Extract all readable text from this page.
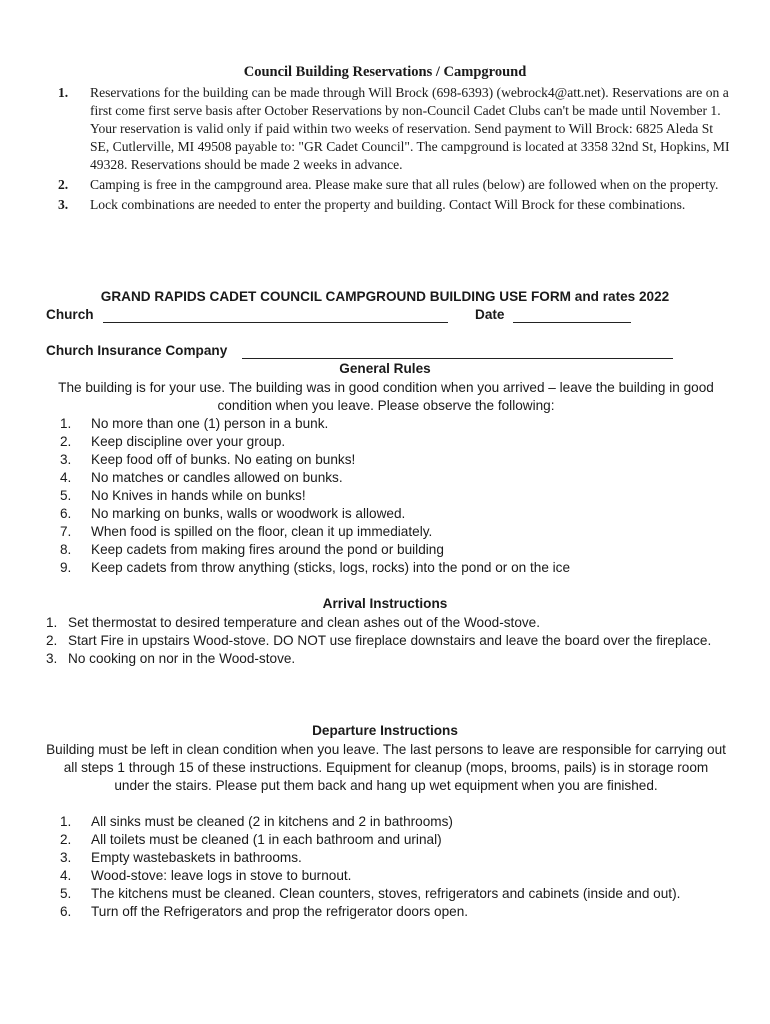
Council Building Reservations / Campground
1. Reservations for the building can be made through Will Brock (698-6393) (webrock4@att.net). Reservations are on a first come first serve basis after October Reservations by non-Council Cadet Clubs can't be made until November 1. Your reservation is valid only if paid within two weeks of reservation. Send payment to Will Brock: 6825 Aleda St SE, Cutlerville, MI 49508 payable to: "GR Cadet Council". The campground is located at 3358 32nd St, Hopkins, MI 49328. Reservations should be made 2 weeks in advance.
2. Camping is free in the campground area. Please make sure that all rules (below) are followed when on the property.
3. Lock combinations are needed to enter the property and building. Contact Will Brock for these combinations.
GRAND RAPIDS CADET COUNCIL CAMPGROUND BUILDING USE FORM and rates 2022
Church	Date
Church Insurance Company
General Rules
The building is for your use. The building was in good condition when you arrived – leave the building in good condition when you leave. Please observe the following:
1. No more than one (1) person in a bunk.
2. Keep discipline over your group.
3. Keep food off of bunks. No eating on bunks!
4. No matches or candles allowed on bunks.
5. No Knives in hands while on bunks!
6. No marking on bunks, walls or woodwork is allowed.
7. When food is spilled on the floor, clean it up immediately.
8. Keep cadets from making fires around the pond or building
9. Keep cadets from throw anything (sticks, logs, rocks) into the pond or on the ice
Arrival Instructions
1. Set thermostat to desired temperature and clean ashes out of the Wood-stove.
2. Start Fire in upstairs Wood-stove. DO NOT use fireplace downstairs and leave the board over the fireplace.
3. No cooking on nor in the Wood-stove.
Departure Instructions
Building must be left in clean condition when you leave. The last persons to leave are responsible for carrying out all steps 1 through 15 of these instructions. Equipment for cleanup (mops, brooms, pails) is in storage room under the stairs. Please put them back and hang up wet equipment when you are finished.
1. All sinks must be cleaned (2 in kitchens and 2 in bathrooms)
2. All toilets must be cleaned (1 in each bathroom and urinal)
3. Empty wastebaskets in bathrooms.
4. Wood-stove: leave logs in stove to burnout.
5. The kitchens must be cleaned. Clean counters, stoves, refrigerators and cabinets (inside and out).
6. Turn off the Refrigerators and prop the refrigerator doors open.
